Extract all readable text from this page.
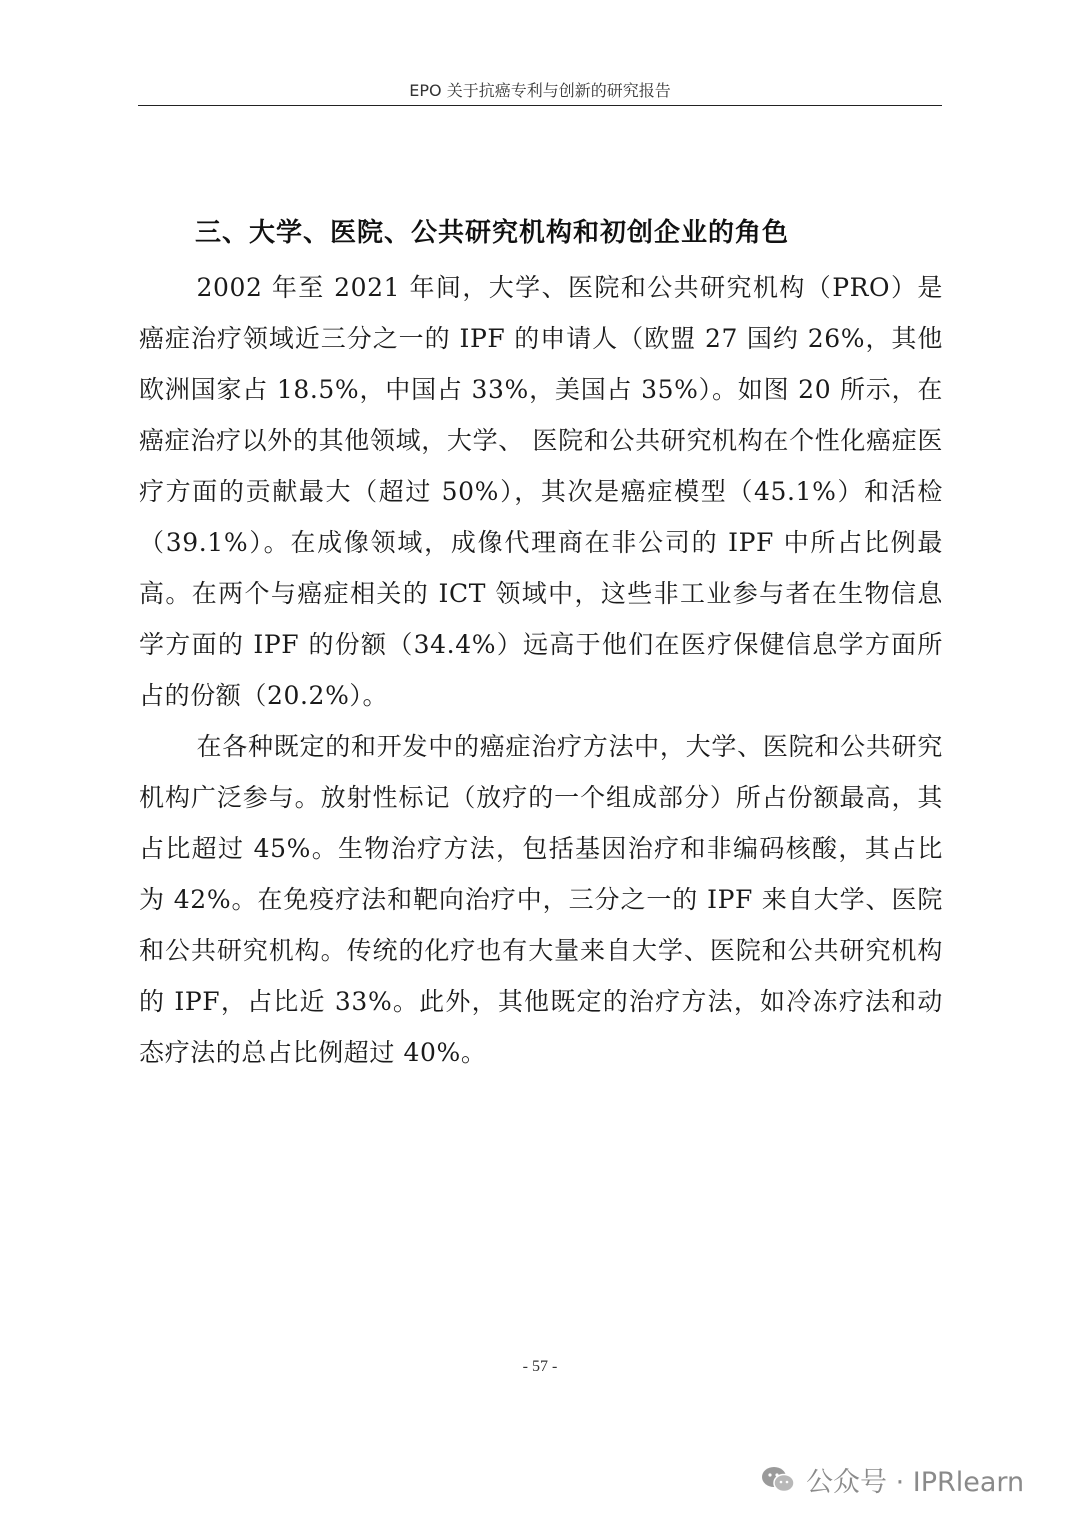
EPO 关于抗癌专利与创新的研究报告
三、大学、医院、公共研究机构和初创企业的角色

2002 年至 2021 年间，大学、医院和公共研究机构（PRO）是癌症治疗领域近三分之一的 IPF 的申请人（欧盟 27 国约 26%，其他欧洲国家占 18.5%，中国占 33%，美国占 35%）。如图 20 所示，在癌症治疗以外的其他领域，大学、 医院和公共研究机构在个性化癌症医疗方面的贡献最大（超过 50%），其次是癌症模型（45.1%）和活检（39.1%）。在成像领域，成像代理商在非公司的 IPF 中所占比例最高。在两个与癌症相关的 ICT 领域中，这些非工业参与者在生物信息学方面的 IPF 的份额（34.4%）远高于他们在医疗保健信息学方面所占的份额（20.2%）。

在各种既定的和开发中的癌症治疗方法中，大学、医院和公共研究机构广泛参与。放射性标记（放疗的一个组成部分）所占份额最高，其占比超过 45%。生物治疗方法，包括基因治疗和非编码核酸，其占比为 42%。在免疫疗法和靶向治疗中，三分之一的 IPF 来自大学、医院和公共研究机构。传统的化疗也有大量来自大学、医院和公共研究机构的 IPF，占比近 33%。此外，其他既定的治疗方法，如冷冻疗法和动态疗法的总占比例超过 40%。

- 57 -
公众号 · IPRlearn
